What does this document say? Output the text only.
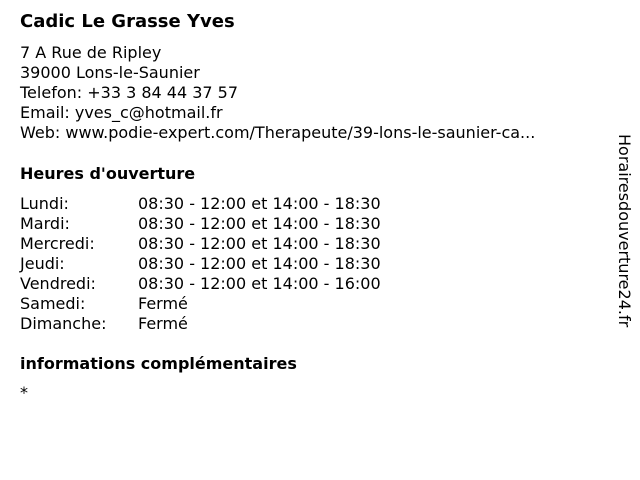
Cadic Le Grasse Yves
7 A Rue de Ripley
39000 Lons-le-Saunier
Telefon: +33 3 84 44 37 57
Email: yves_c@hotmail.fr
Web: www.podie-expert.com/Therapeute/39-lons-le-saunier-ca...
Heures d'ouverture
Lundi:	08:30 - 12:00 et 14:00 - 18:30
Mardi:	08:30 - 12:00 et 14:00 - 18:30
Mercredi:	08:30 - 12:00 et 14:00 - 18:30
Jeudi:	08:30 - 12:00 et 14:00 - 18:30
Vendredi:	08:30 - 12:00 et 14:00 - 16:00
Samedi:	Fermé
Dimanche: Fermé
informations complémentaires
*
Horairesdouverture24.fr
